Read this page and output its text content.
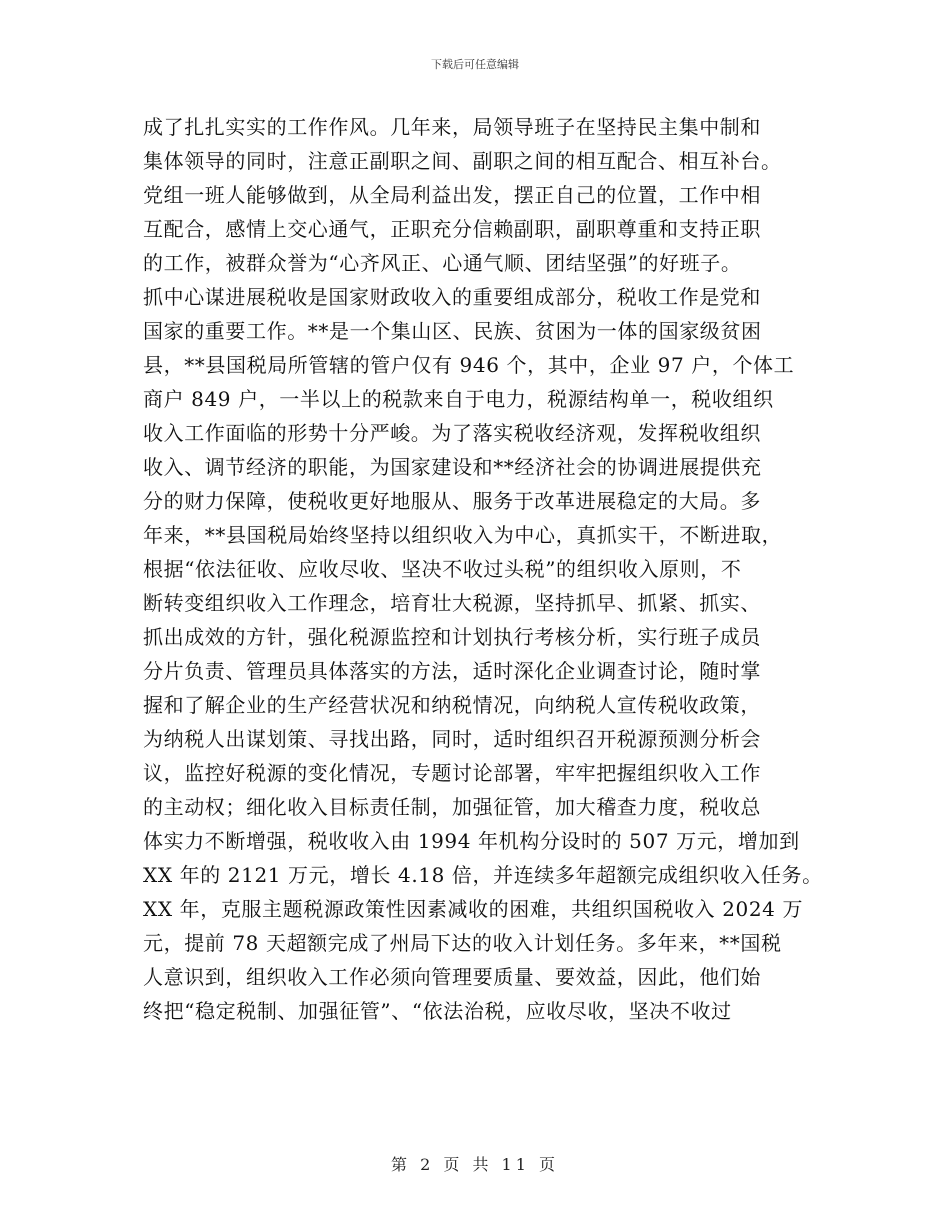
下载后可任意编辑
成了扎扎实实的工作作风。几年来，局领导班子在坚持民主集中制和
集体领导的同时，注意正副职之间、副职之间的相互配合、相互补台。
党组一班人能够做到，从全局利益出发，摆正自己的位置，工作中相
互配合，感情上交心通气，正职充分信赖副职，副职尊重和支持正职
的工作，被群众誉为“心齐风正、心通气顺、团结坚强”的好班子。
抓中心谋进展税收是国家财政收入的重要组成部分，税收工作是党和
国家的重要工作。**是一个集山区、民族、贫困为一体的国家级贫困
县，**县国税局所管辖的管户仅有 946 个，其中，企业 97 户，个体工
商户 849 户，一半以上的税款来自于电力，税源结构单一，税收组织
收入工作面临的形势十分严峻。为了落实税收经济观，发挥税收组织
收入、调节经济的职能，为国家建设和**经济社会的协调进展提供充
分的财力保障，使税收更好地服从、服务于改革进展稳定的大局。多
年来，**县国税局始终坚持以组织收入为中心，真抓实干，不断进取，
根据“依法征收、应收尽收、坚决不收过头税”的组织收入原则，不
断转变组织收入工作理念，培育壮大税源，坚持抓早、抓紧、抓实、
抓出成效的方针，强化税源监控和计划执行考核分析，实行班子成员
分片负责、管理员具体落实的方法，适时深化企业调查讨论，随时掌
握和了解企业的生产经营状况和纳税情况，向纳税人宣传税收政策，
为纳税人出谋划策、寻找出路，同时，适时组织召开税源预测分析会
议，监控好税源的变化情况，专题讨论部署，牢牢把握组织收入工作
的主动权；细化收入目标责任制，加强征管，加大稽查力度，税收总
体实力不断增强，税收收入由 1994 年机构分设时的 507 万元，增加到
XX 年的 2121 万元，增长 4.18 倍，并连续多年超额完成组织收入任务。
XX 年，克服主题税源政策性因素减收的困难，共组织国税收入 2024 万
元，提前 78 天超额完成了州局下达的收入计划任务。多年来，**国税
人意识到，组织收入工作必须向管理要质量、要效益，因此，他们始
终把“稳定税制、加强征管”、“依法治税，应收尽收，坚决不收过
第 2 页 共 11 页
